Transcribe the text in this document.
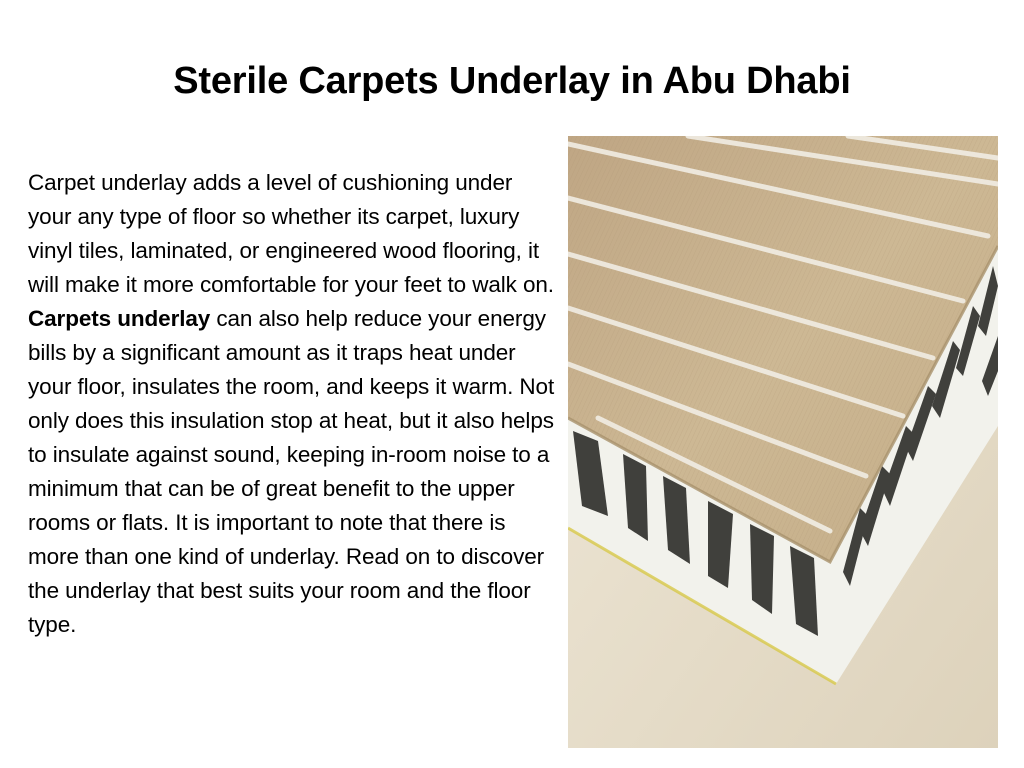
Sterile Carpets Underlay in Abu Dhabi
Carpet underlay adds a level of cushioning under your any type of floor so whether its carpet, luxury vinyl tiles, laminated, or engineered wood flooring, it will make it more comfortable for your feet to walk on. Carpets underlay can also help reduce your energy bills by a significant amount as it traps heat under your floor, insulates the room, and keeps it warm. Not only does this insulation stop at heat, but it also helps to insulate against sound, keeping in-room noise to a minimum that can be of great benefit to the upper rooms or flats. It is important to note that there is more than one kind of underlay. Read on to discover the underlay that best suits your room and the floor type.
